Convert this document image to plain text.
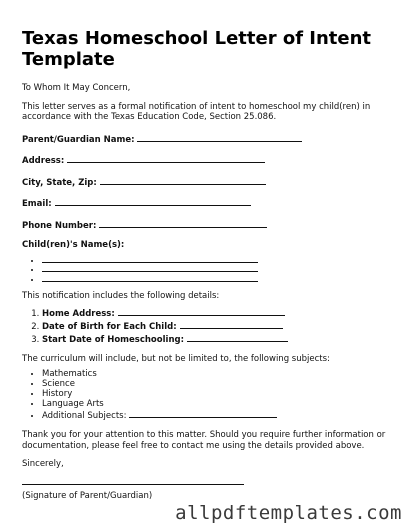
Texas Homeschool Letter of Intent Template

To Whom It May Concern,

This letter serves as a formal notification of intent to homeschool my child(ren) in accordance with the Texas Education Code, Section 25.086.

Parent/Guardian Name:
Address:
City, State, Zip:
Email:
Phone Number:
Child(ren)'s Name(s):
•
•
•

This notification includes the following details:

1. Home Address:
2. Date of Birth for Each Child:
3. Start Date of Homeschooling:

The curriculum will include, but not be limited to, the following subjects:

• Mathematics
• Science
• History
• Language Arts
• Additional Subjects:

Thank you for your attention to this matter. Should you require further information or documentation, please feel free to contact me using the details provided above.

Sincerely,

(Signature of Parent/Guardian)

allpdftemplates.com
